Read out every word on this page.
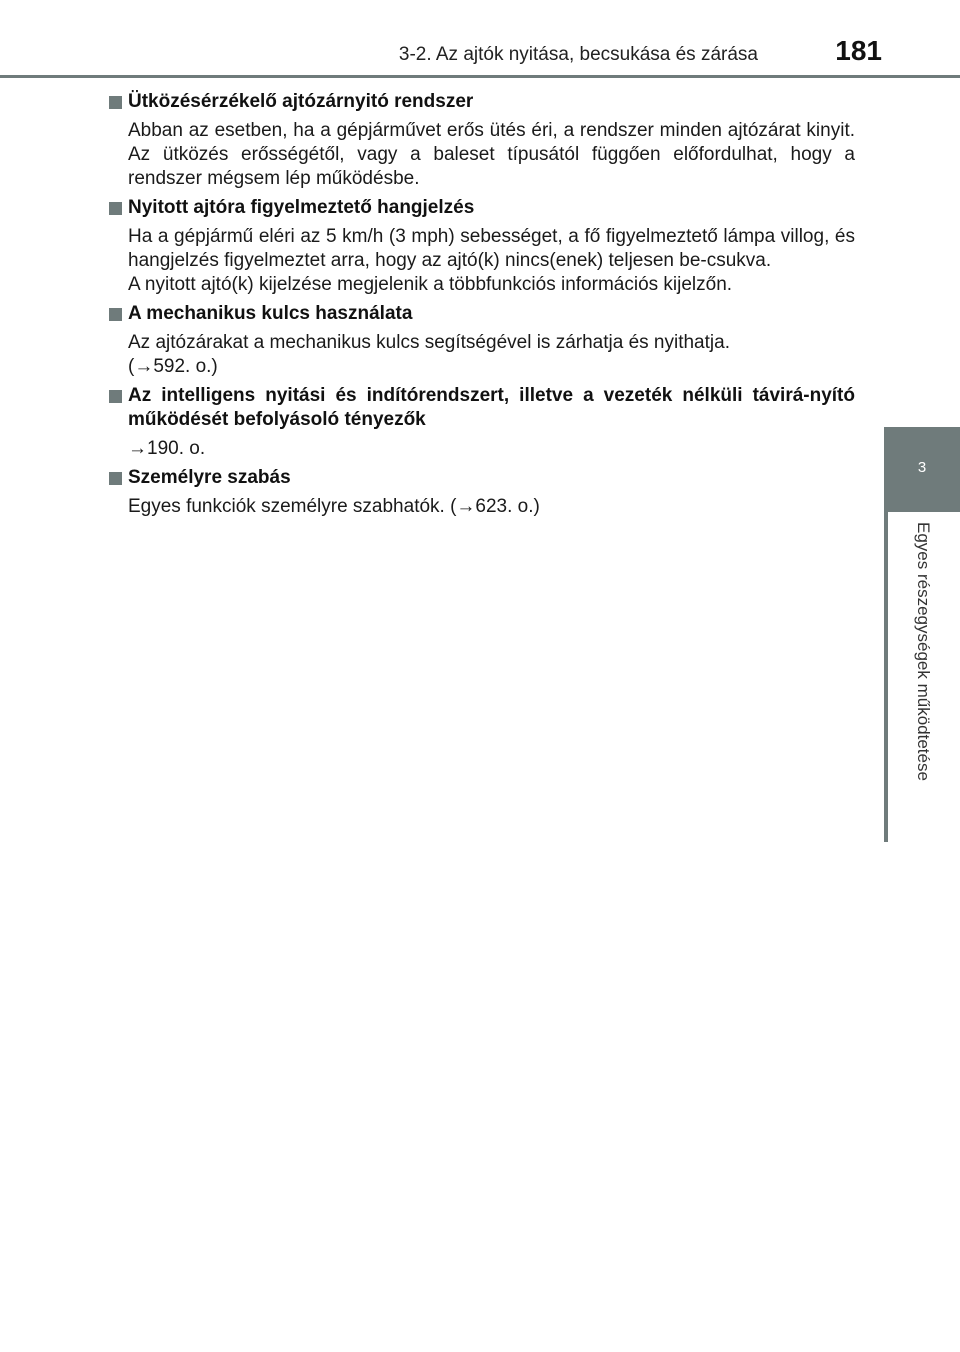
3-2. Az ajtók nyitása, becsukása és zárása	181
3
Egyes részegységek működtetése
Ütközésérzékelő ajtózárnyitó rendszer

Abban az esetben, ha a gépjárművet erős ütés éri, a rendszer minden ajtózárat kinyit. Az ütközés erősségétől, vagy a baleset típusától függően előfordulhat, hogy a rendszer mégsem lép működésbe.

Nyitott ajtóra figyelmeztető hangjelzés

Ha a gépjármű eléri az 5 km/h (3 mph) sebességet, a fő figyelmeztető lámpa villog, és hangjelzés figyelmeztet arra, hogy az ajtó(k) nincs(enek) teljesen be-csukva.

A nyitott ajtó(k) kijelzése megjelenik a többfunkciós információs kijelzőn.

A mechanikus kulcs használata

Az ajtózárakat a mechanikus kulcs segítségével is zárhatja és nyithatja.

(→592. o.)

Az intelligens nyitási és indítórendszert, illetve a vezeték nélküli távirá-nyító működését befolyásoló tényezők

→190. o.

Személyre szabás

Egyes funkciók személyre szabhatók. (→623. o.)
